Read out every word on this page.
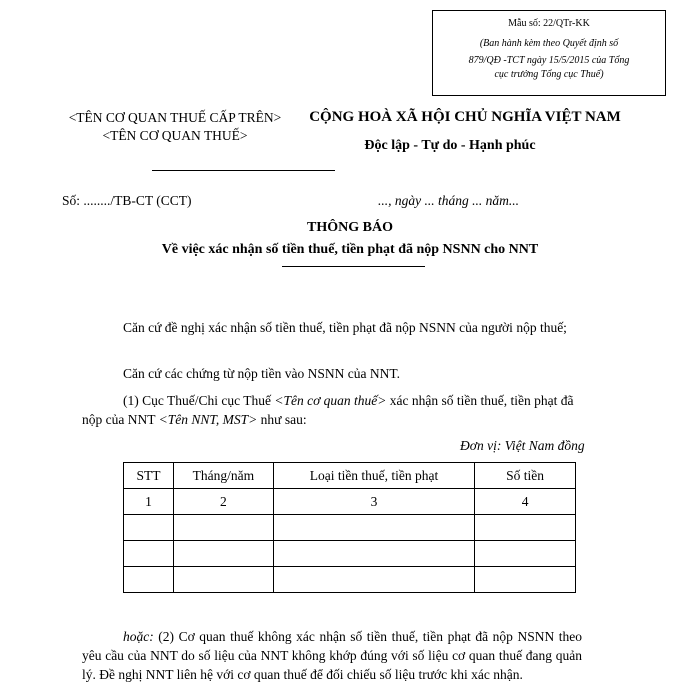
Mẫu số: 22/QTr-KK
(Ban hành kèm theo Quyết định số
879/QĐ -TCT ngày 15/5/2015 của Tổng
cục trưởng Tổng cục Thuế)
<TÊN CƠ QUAN THUẾ CẤP TRÊN>
<TÊN CƠ QUAN THUẾ>
CỘNG HOÀ XÃ HỘI CHỦ NGHĨA VIỆT NAM
Độc lập - Tự do - Hạnh phúc
Số: ......../TB-CT (CCT)	..., ngày ... tháng ... năm...
THÔNG BÁO
Về việc xác nhận số tiền thuế, tiền phạt đã nộp NSNN cho NNT
Căn cứ đề nghị xác nhận số tiền thuế, tiền phạt đã nộp NSNN của người nộp thuế;
Căn cứ các chứng từ nộp tiền vào NSNN của NNT.
(1) Cục Thuế/Chi cục Thuế <Tên cơ quan thuế> xác nhận số tiền thuế, tiền phạt đã nộp của NNT <Tên NNT, MST> như sau:
Đơn vị: Việt Nam đồng
STT	Tháng/năm	Loại tiền thuế, tiền phạt	Số tiền
1	2	3	4

hoặc: (2) Cơ quan thuế không xác nhận số tiền thuế, tiền phạt đã nộp NSNN theo yêu cầu của NNT do số liệu của NNT không khớp đúng với số liệu cơ quan thuế đang quản lý. Đề nghị NNT liên hệ với cơ quan thuế để đối chiếu số liệu trước khi xác nhận.
